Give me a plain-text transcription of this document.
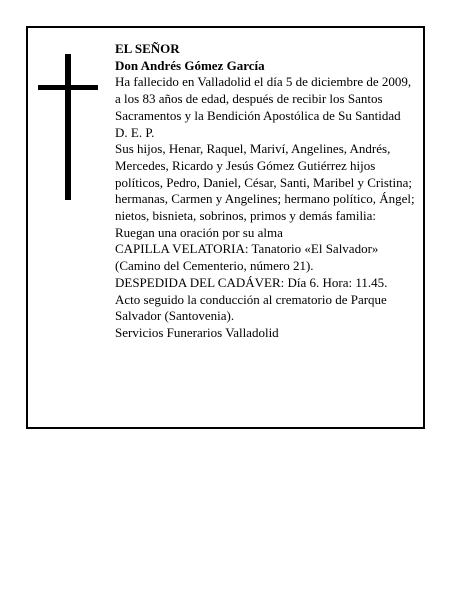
EL SEÑOR

Don Andrés Gómez García

Ha fallecido en Valladolid el día 5 de diciembre de 2009, a los 83 años de edad, después de recibir los Santos Sacramentos y la Bendición Apostólica de Su Santidad

D. E. P.

Sus hijos, Henar, Raquel, Mariví, Angelines, Andrés, Mercedes, Ricardo y Jesús Gómez Gutiérrez hijos políticos, Pedro, Daniel, César, Santi, Maribel y Cristina; hermanas, Carmen y Angelines; hermano político, Ángel; nietos, bisnieta, sobrinos, primos y demás familia:

Ruegan una oración por su alma

CAPILLA VELATORIA: Tanatorio «El Salvador» (Camino del Cementerio, número 21).

DESPEDIDA DEL CADÁVER: Día 6. Hora: 11.45. Acto seguido la conducción al crematorio de Parque Salvador (Santovenia).

Servicios Funerarios Valladolid
